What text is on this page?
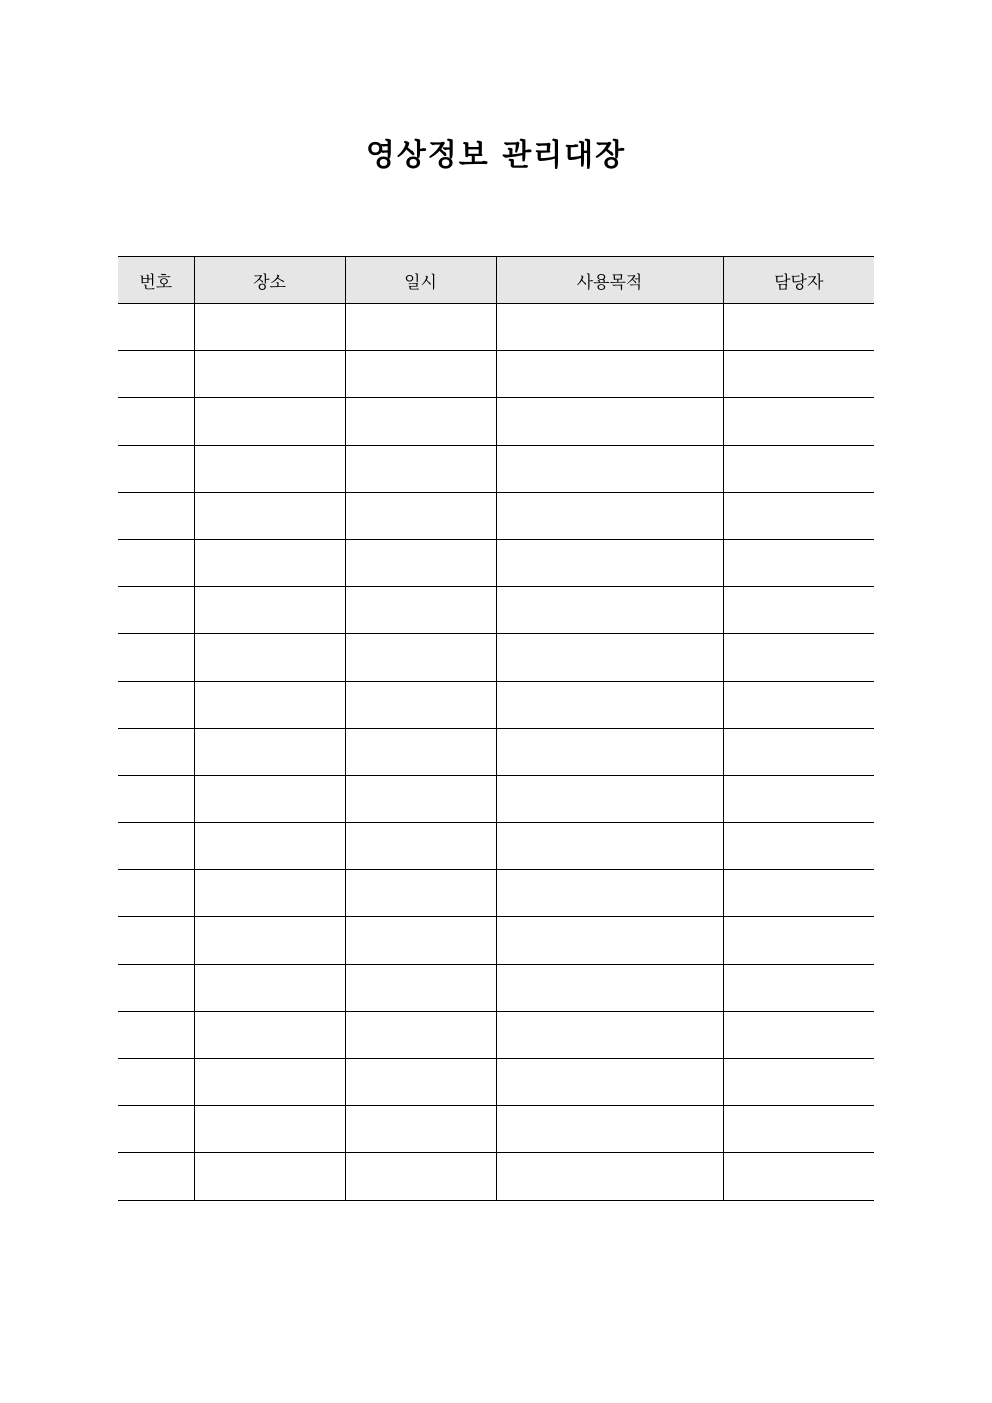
영상정보 관리대장
번호	장소	일시	사용목적	담당자
